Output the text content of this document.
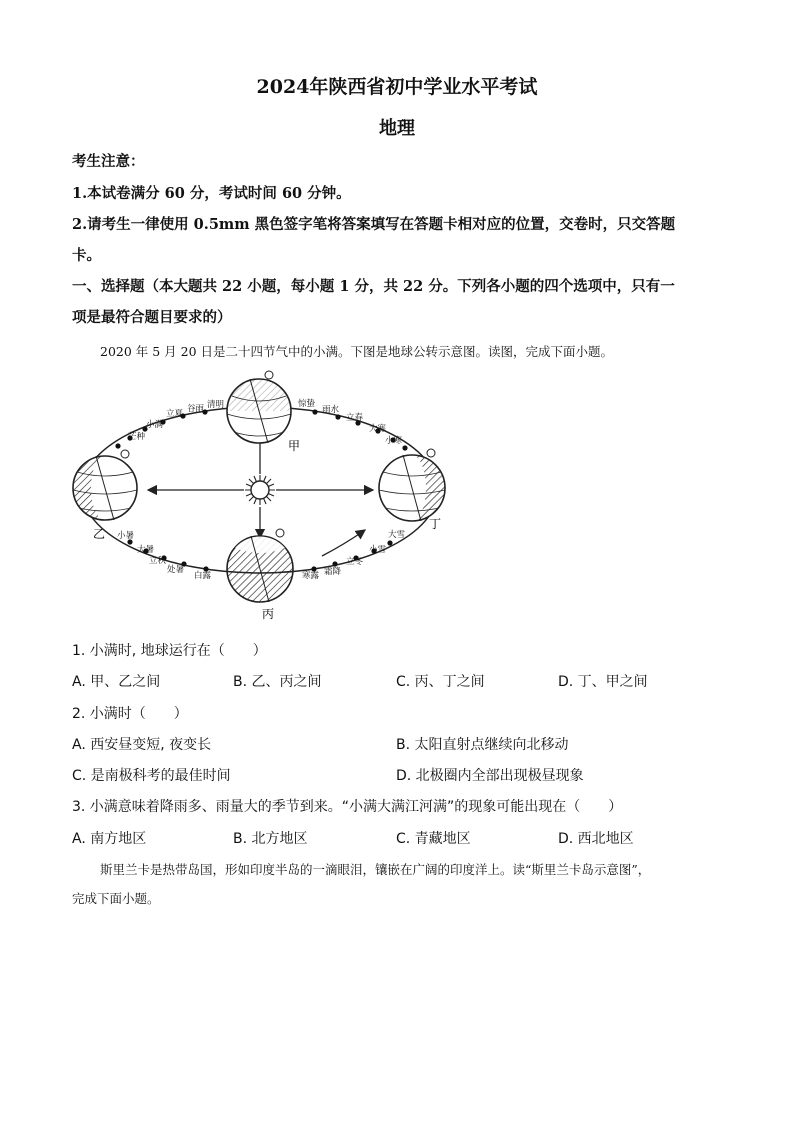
2024年陕西省初中学业水平考试
地理
考生注意：
1.本试卷满分 60 分，考试时间 60 分钟。
2.请考生一律使用 0.5mm 黑色签字笔将答案填写在答题卡相对应的位置，交卷时，只交答题
卡。
一、选择题（本大题共 22 小题，每小题 1 分，共 22 分。下列各小题的四个选项中，只有一
项是最符合题目要求的）
2020 年 5 月 20 日是二十四节气中的小满。下图是地球公转示意图。读图，完成下面小题。
清明
谷雨
立夏
小满
芒种
惊蛰
雨水
立春
大寒
小寒
小暑
大暑
立秋
处暑
白露	寒露 霜降
立冬
小雪
大雪
甲
乙
丙
丁
1. 小满时, 地球运行在（　　）
A. 甲、乙之间	B. 乙、丙之间	C. 丙、丁之间	D. 丁、甲之间
2. 小满时（　　）
A. 西安昼变短, 夜变长	B. 太阳直射点继续向北移动
C. 是南极科考的最佳时间	D. 北极圈内全部出现极昼现象
3. 小满意味着降雨多、雨量大的季节到来。“小满大满江河满”的现象可能出现在（　　）
A. 南方地区	B. 北方地区	C. 青藏地区	D. 西北地区
斯里兰卡是热带岛国，形如印度半岛的一滴眼泪，镶嵌在广阔的印度洋上。读“斯里兰卡岛示意图”，
完成下面小题。
